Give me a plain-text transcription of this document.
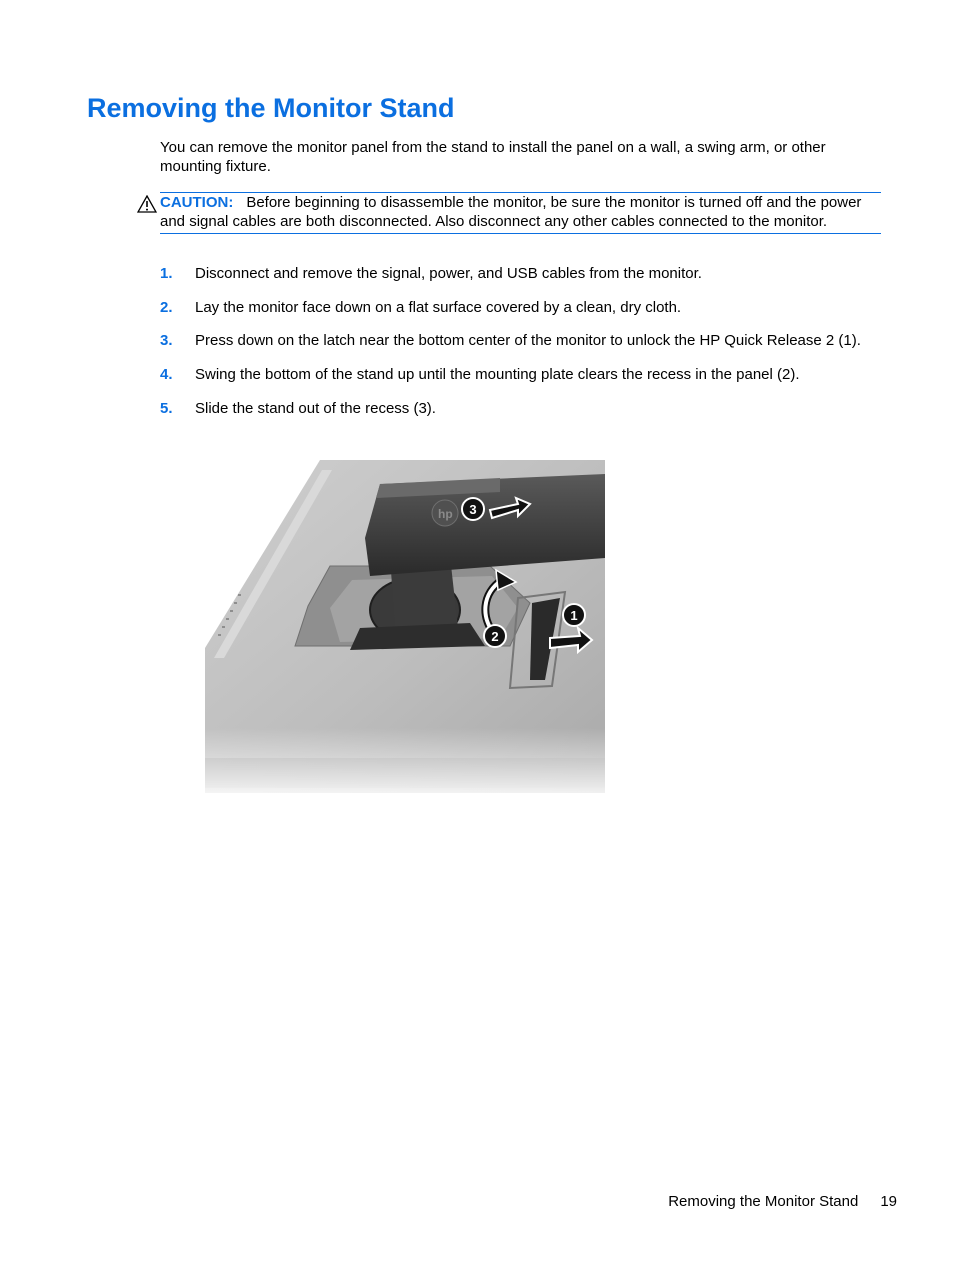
Removing the Monitor Stand

You can remove the monitor panel from the stand to install the panel on a wall, a swing arm, or other mounting fixture.

CAUTION: Before beginning to disassemble the monitor, be sure the monitor is turned off and the power and signal cables are both disconnected. Also disconnect any other cables connected to the monitor.
1. Disconnect and remove the signal, power, and USB cables from the monitor.
2. Lay the monitor face down on a flat surface covered by a clean, dry cloth.
3. Press down on the latch near the bottom center of the monitor to unlock the HP Quick Release 2 (1).
4. Swing the bottom of the stand up until the mounting plate clears the recess in the panel (2).
5. Slide the stand out of the recess (3).
hp 3
2
1
Removing the Monitor Stand 19
